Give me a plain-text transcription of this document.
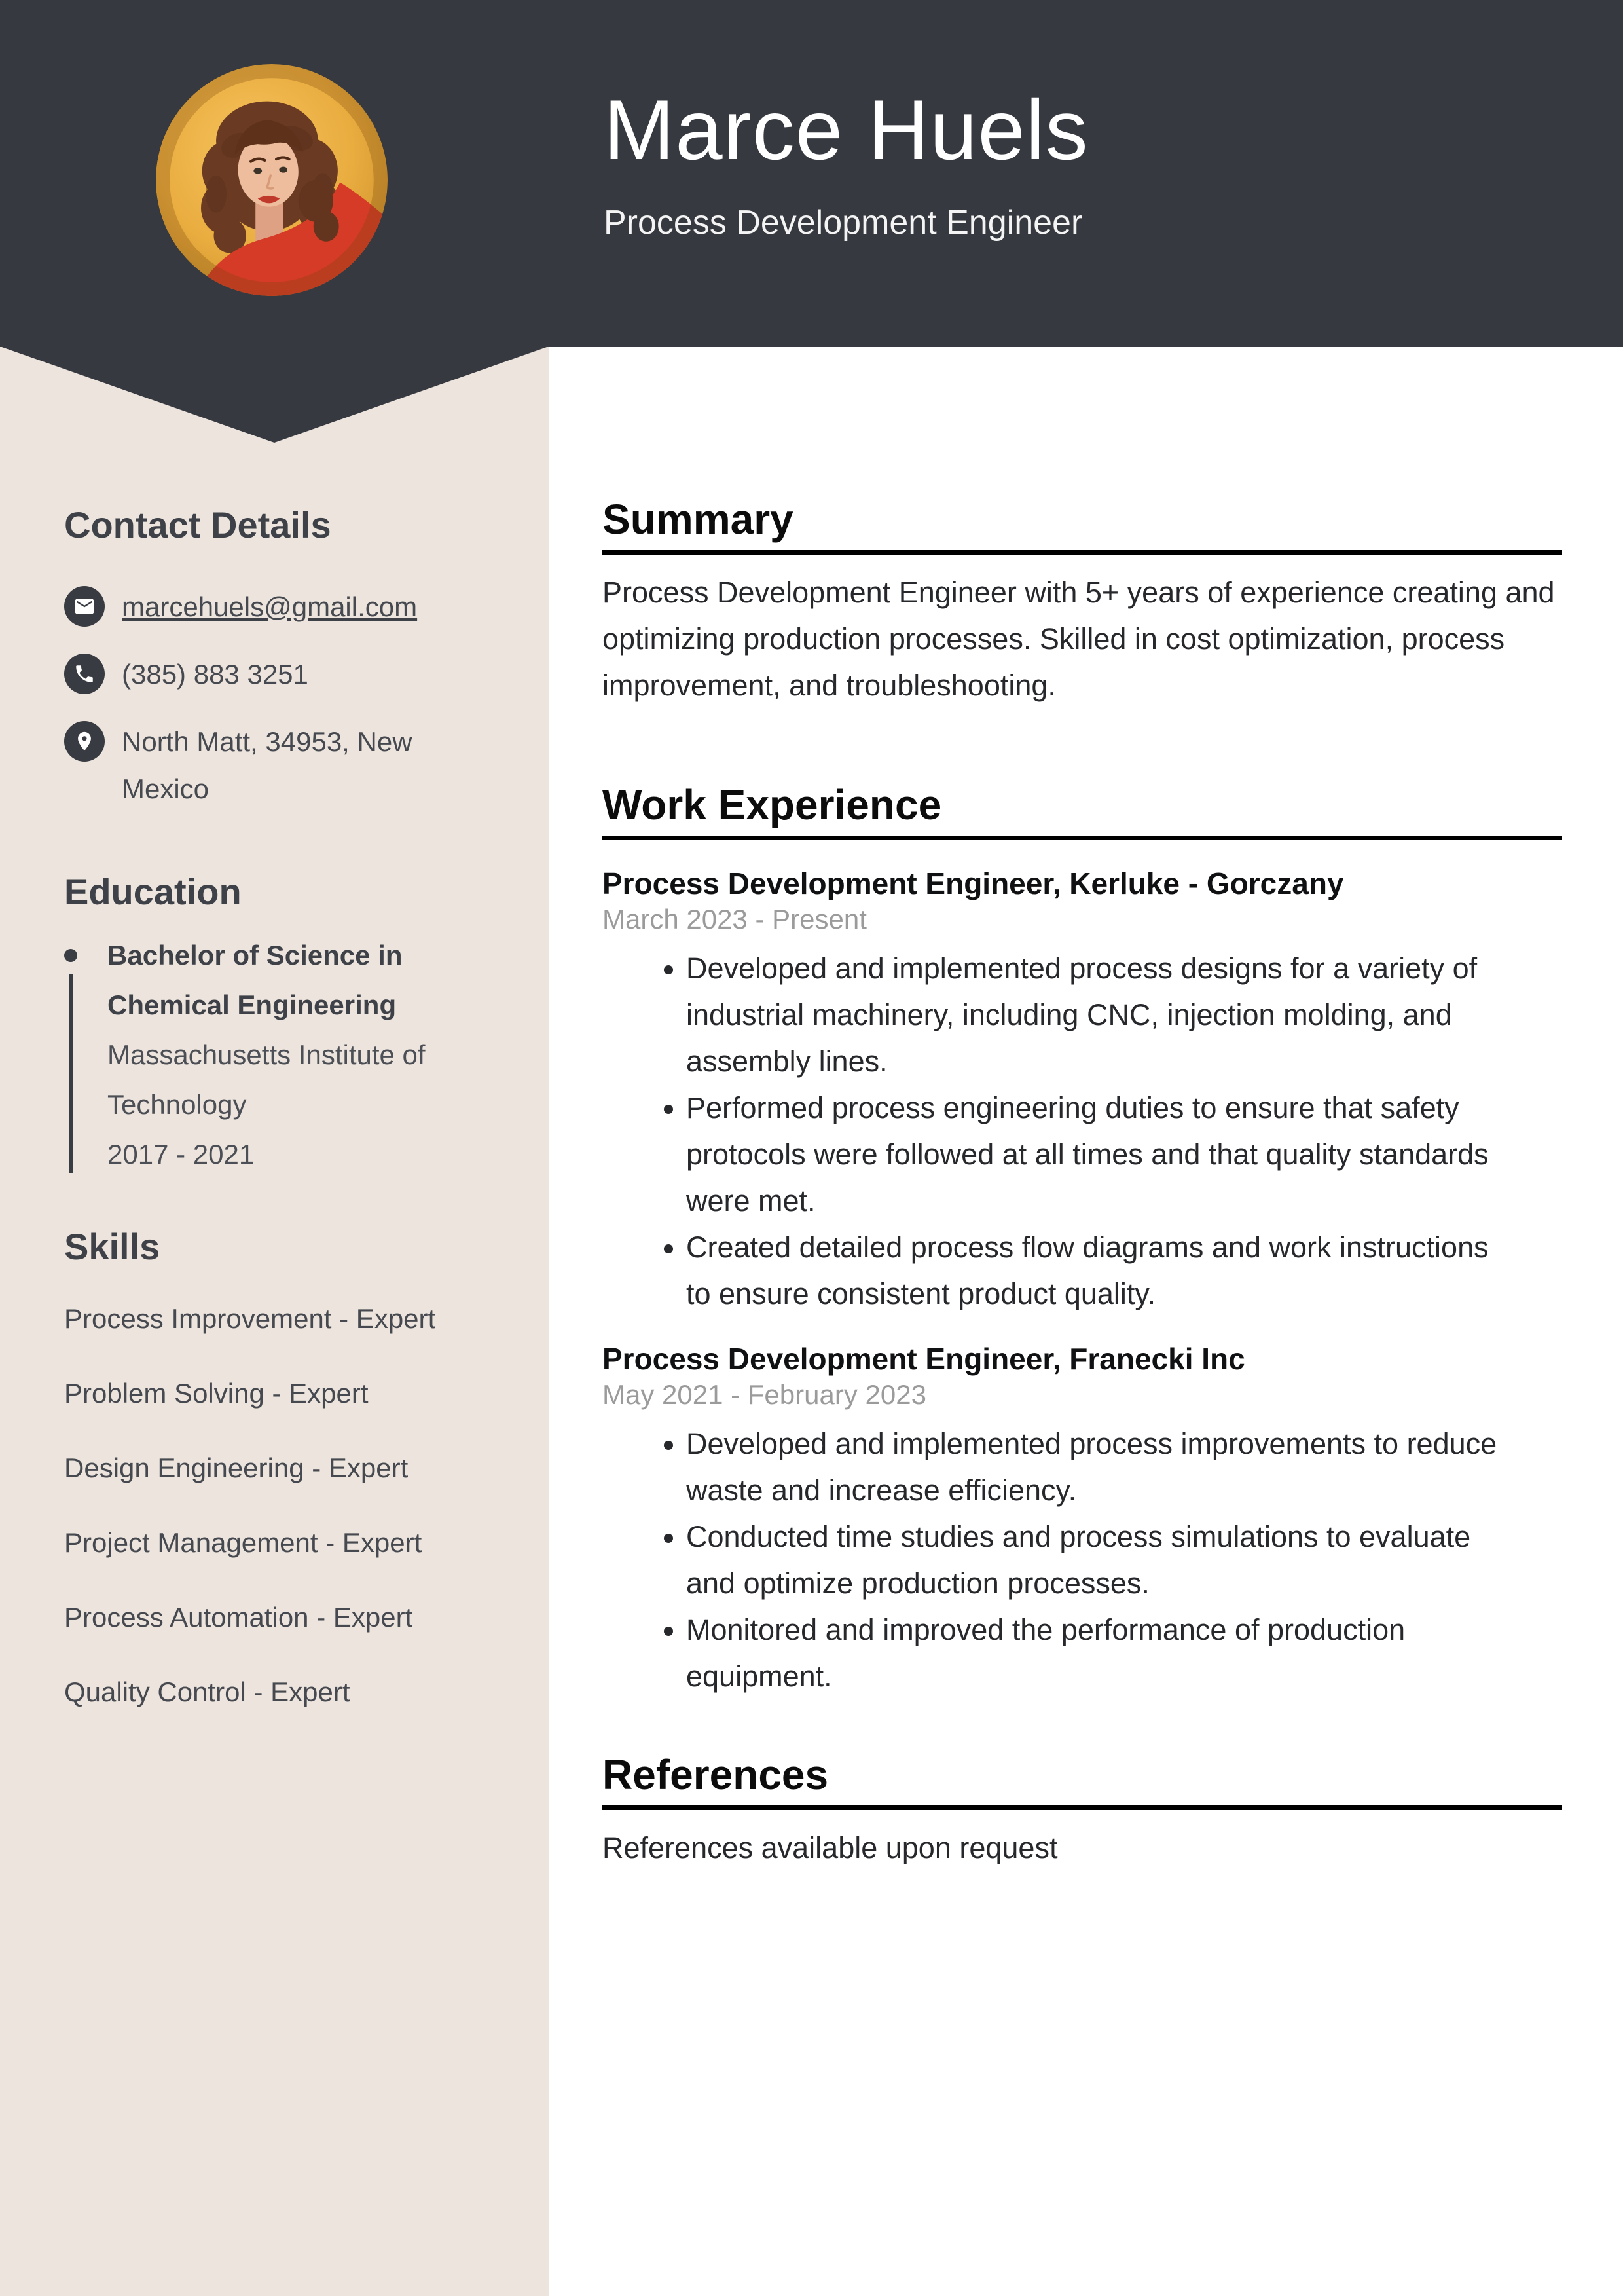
Contact Details
marcehuels@gmail.com
(385) 883 3251
North Matt, 34953, New Mexico
Education
Bachelor of Science in Chemical Engineering
Massachusetts Institute of Technology
2017 - 2021
Skills
Process Improvement - Expert
Problem Solving - Expert
Design Engineering - Expert
Project Management - Expert
Process Automation - Expert
Quality Control - Expert
Marce Huels
Process Development Engineer
Summary

Process Development Engineer with 5+ years of experience creating and optimizing production processes. Skilled in cost optimization, process improvement, and troubleshooting.

Work Experience
Process Development Engineer, Kerluke - Gorczany
March 2023 - Present
• Developed and implemented process designs for a variety of industrial machinery, including CNC, injection molding, and assembly lines.
• Performed process engineering duties to ensure that safety protocols were followed at all times and that quality standards were met.
• Created detailed process flow diagrams and work instructions to ensure consistent product quality.
Process Development Engineer, Franecki Inc
May 2021 - February 2023
• Developed and implemented process improvements to reduce waste and increase efficiency.
• Conducted time studies and process simulations to evaluate and optimize production processes.
• Monitored and improved the performance of production equipment.
References

References available upon request
